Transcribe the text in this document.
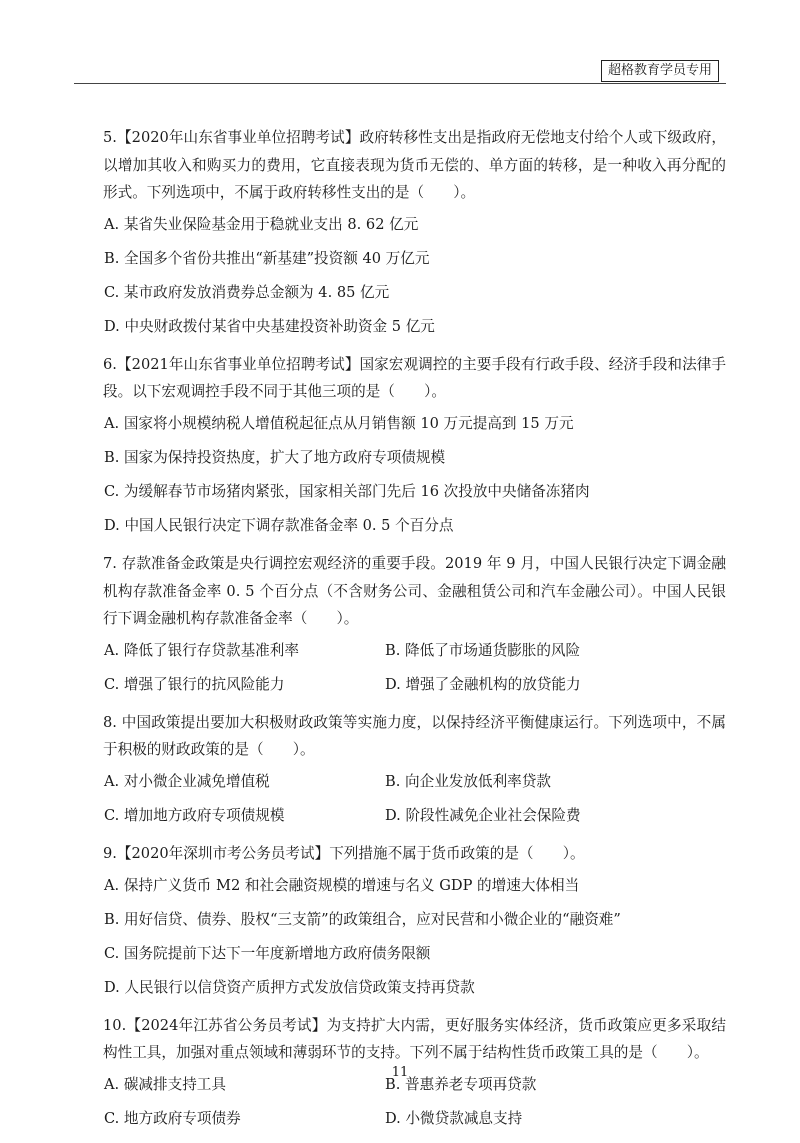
超格教育学员专用

5.【2020年山东省事业单位招聘考试】政府转移性支出是指政府无偿地支付给个人或下级政府，以增加其收入和购买力的费用，它直接表现为货币无偿的、单方面的转移，是一种收入再分配的形式。下列选项中，不属于政府转移性支出的是（　　）。

A. 某省失业保险基金用于稳就业支出 8. 62 亿元
B. 全国多个省份共推出“新基建”投资额 40 万亿元
C. 某市政府发放消费券总金额为 4. 85 亿元
D. 中央财政拨付某省中央基建投资补助资金 5 亿元

6.【2021年山东省事业单位招聘考试】国家宏观调控的主要手段有行政手段、经济手段和法律手段。以下宏观调控手段不同于其他三项的是（　　）。

A. 国家将小规模纳税人增值税起征点从月销售额 10 万元提高到 15 万元
B. 国家为保持投资热度，扩大了地方政府专项债规模
C. 为缓解春节市场猪肉紧张，国家相关部门先后 16 次投放中央储备冻猪肉
D. 中国人民银行决定下调存款准备金率 0. 5 个百分点

7. 存款准备金政策是央行调控宏观经济的重要手段。2019 年 9 月，中国人民银行决定下调金融机构存款准备金率 0. 5 个百分点（不含财务公司、金融租赁公司和汽车金融公司）。中国人民银行下调金融机构存款准备金率（　　）。

A. 降低了银行存贷款基准利率	B. 降低了市场通货膨胀的风险
C. 增强了银行的抗风险能力	D. 增强了金融机构的放贷能力

8. 中国政策提出要加大积极财政政策等实施力度，以保持经济平衡健康运行。下列选项中，不属于积极的财政政策的是（　　）。

A. 对小微企业减免增值税	B. 向企业发放低利率贷款
C. 增加地方政府专项债规模	D. 阶段性减免企业社会保险费

9.【2020年深圳市考公务员考试】下列措施不属于货币政策的是（　　）。

A. 保持广义货币 M2 和社会融资规模的增速与名义 GDP 的增速大体相当
B. 用好信贷、债券、股权“三支箭”的政策组合，应对民营和小微企业的“融资难”
C. 国务院提前下达下一年度新增地方政府债务限额
D. 人民银行以信贷资产质押方式发放信贷政策支持再贷款

10.【2024年江苏省公务员考试】为支持扩大内需，更好服务实体经济，货币政策应更多采取结构性工具，加强对重点领域和薄弱环节的支持。下列不属于结构性货币政策工具的是（　　）。

A. 碳减排支持工具	B. 普惠养老专项再贷款
C. 地方政府专项债券	D. 小微贷款减息支持
11
